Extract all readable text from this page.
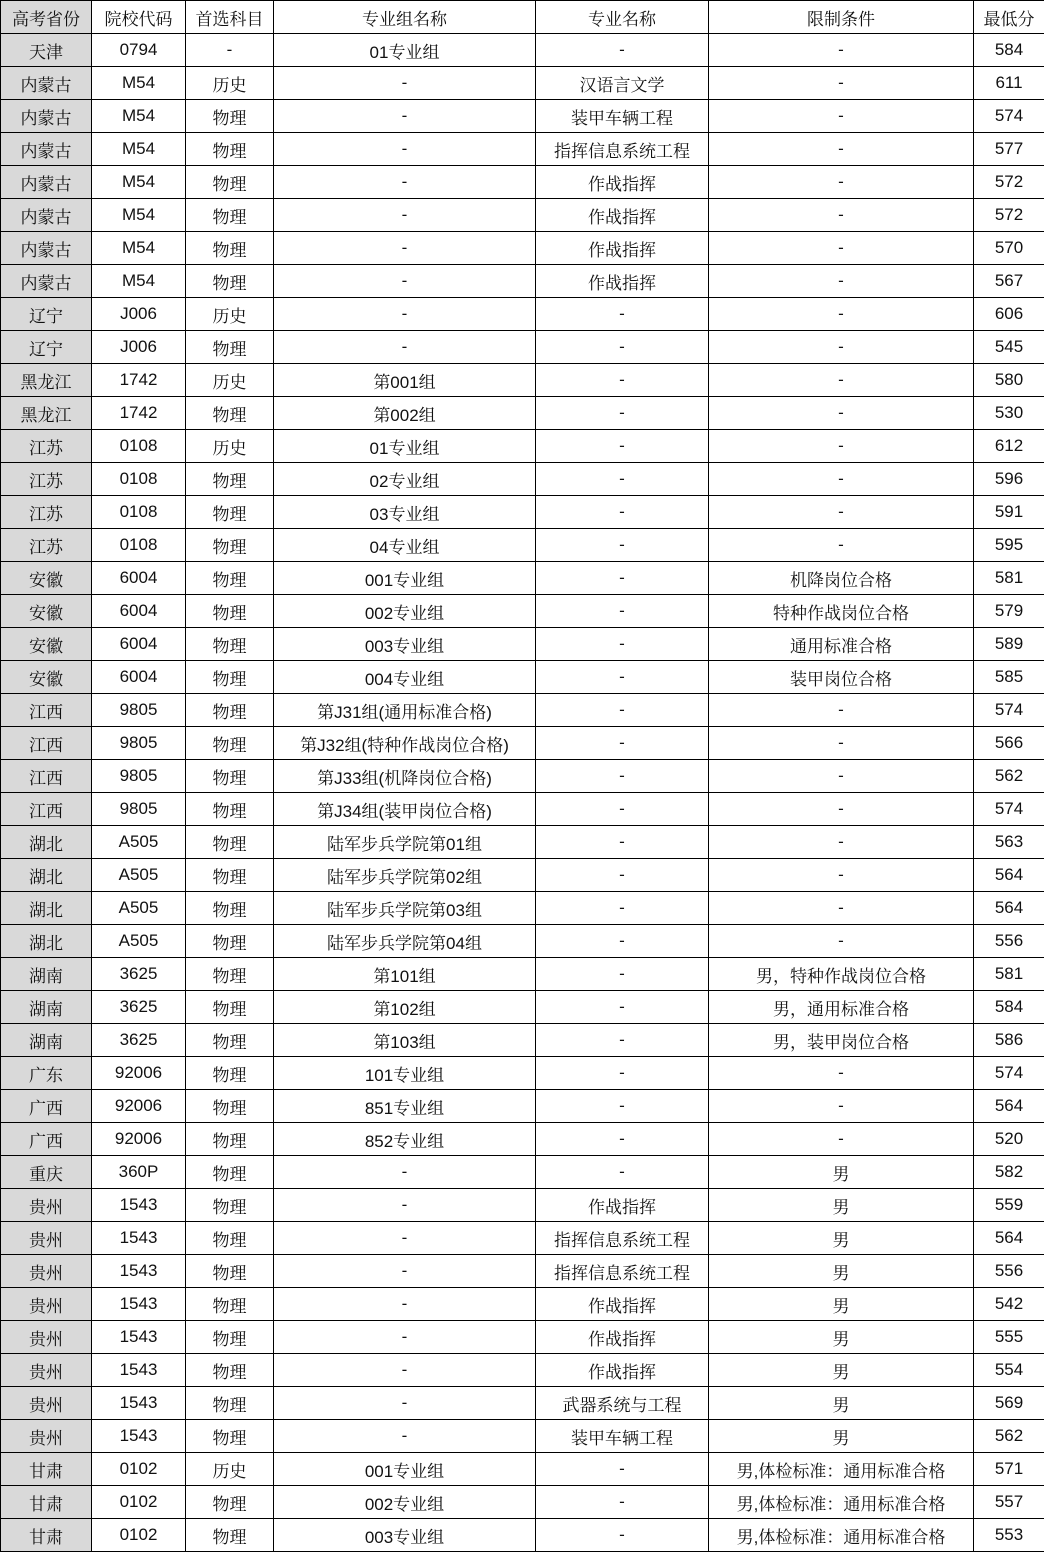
高考省份	院校代码	首选科目	专业组名称	专业名称	限制条件	最低分
天津	0794	-	01专业组	-	-	584
内蒙古	M54	历史	-	汉语言文学	-	611
内蒙古	M54	物理	-	装甲车辆工程	-	574
内蒙古	M54	物理	-	指挥信息系统工程	-	577
内蒙古	M54	物理	-	作战指挥	-	572
内蒙古	M54	物理	-	作战指挥	-	572
内蒙古	M54	物理	-	作战指挥	-	570
内蒙古	M54	物理	-	作战指挥	-	567
辽宁	J006	历史	-	-	-	606
辽宁	J006	物理	-	-	-	545
黑龙江	1742	历史	第001组	-	-	580
黑龙江	1742	物理	第002组	-	-	530
江苏	0108	历史	01专业组	-	-	612
江苏	0108	物理	02专业组	-	-	596
江苏	0108	物理	03专业组	-	-	591
江苏	0108	物理	04专业组	-	-	595
安徽	6004	物理	001专业组	-	机降岗位合格	581
安徽	6004	物理	002专业组	-	特种作战岗位合格	579
安徽	6004	物理	003专业组	-	通用标准合格	589
安徽	6004	物理	004专业组	-	装甲岗位合格	585
江西	9805	物理	第J31组(通用标准合格)	-	-	574
江西	9805	物理	第J32组(特种作战岗位合格)	-	-	566
江西	9805	物理	第J33组(机降岗位合格)	-	-	562
江西	9805	物理	第J34组(装甲岗位合格)	-	-	574
湖北	A505	物理	陆军步兵学院第01组	-	-	563
湖北	A505	物理	陆军步兵学院第02组	-	-	564
湖北	A505	物理	陆军步兵学院第03组	-	-	564
湖北	A505	物理	陆军步兵学院第04组	-	-	556
湖南	3625	物理	第101组	-	男，特种作战岗位合格	581
湖南	3625	物理	第102组	-	男，通用标准合格	584
湖南	3625	物理	第103组	-	男，装甲岗位合格	586
广东	92006	物理	101专业组	-	-	574
广西	92006	物理	851专业组	-	-	564
广西	92006	物理	852专业组	-	-	520
重庆	360P	物理	-	-	男	582
贵州	1543	物理	-	作战指挥	男	559
贵州	1543	物理	-	指挥信息系统工程	男	564
贵州	1543	物理	-	指挥信息系统工程	男	556
贵州	1543	物理	-	作战指挥	男	542
贵州	1543	物理	-	作战指挥	男	555
贵州	1543	物理	-	作战指挥	男	554
贵州	1543	物理	-	武器系统与工程	男	569
贵州	1543	物理	-	装甲车辆工程	男	562
甘肃	0102	历史	001专业组	-	男,体检标准：通用标准合格	571
甘肃	0102	物理	002专业组	-	男,体检标准：通用标准合格	557
甘肃	0102	物理	003专业组	-	男,体检标准：通用标准合格	553
